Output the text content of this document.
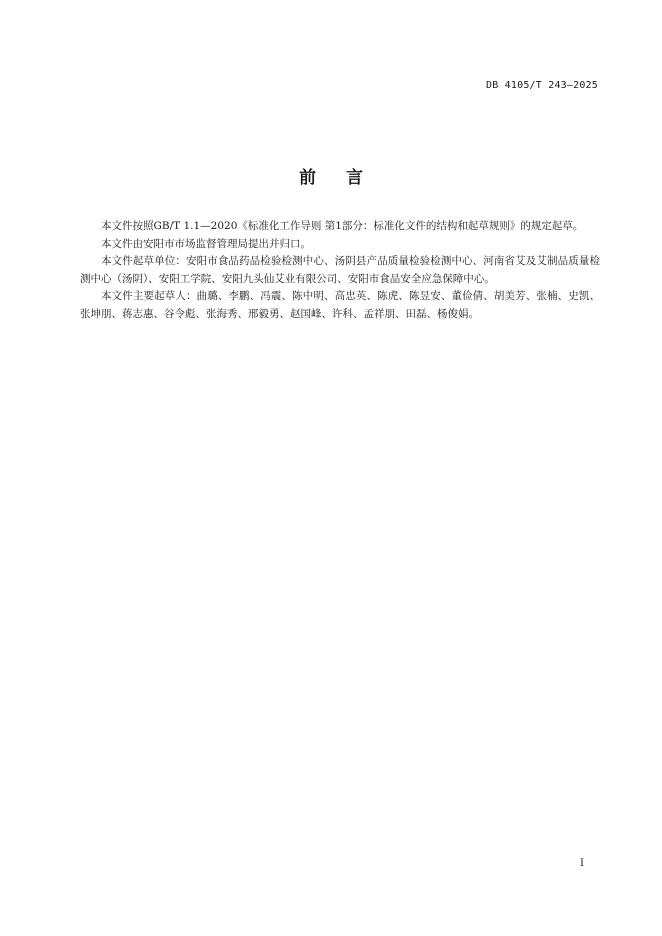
DB 4105/T 243—2025
前言

本文件按照GB/T 1.1—2020《标准化工作导则 第1部分：标准化文件的结构和起草规则》的规定起草。

本文件由安阳市市场监督管理局提出并归口。

本文件起草单位：安阳市食品药品检验检测中心、汤阴县产品质量检验检测中心、河南省艾及艾制品质量检测中心（汤阴）、安阳工学院、安阳九头仙艾业有限公司、安阳市食品安全应急保障中心。

本文件主要起草人：曲璐、李鹏、冯震、陈中明、高忠英、陈虎、陈昱安、董俭倩、胡美芳、张楠、史凯、张坤朋、蒋志惠、谷令彪、张海秀、邢毅勇、赵国峰、许科、孟祥朋、田磊、杨俊娟。

I
